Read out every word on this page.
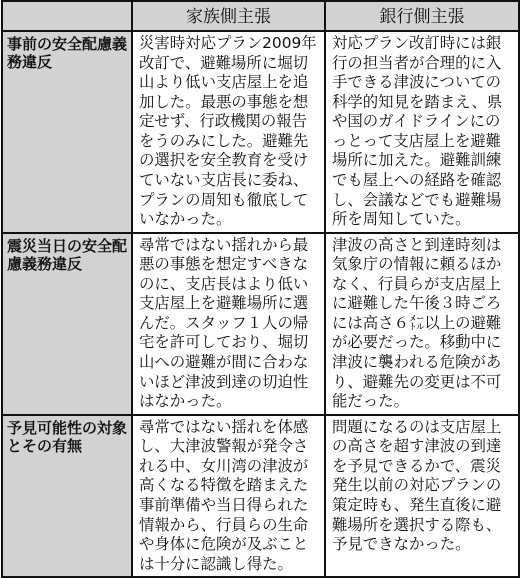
	家族側主張	銀行側主張
事前の安全配慮義務違反	災害時対応プラン2009年改訂で、避難場所に堀切山より低い支店屋上を追加した。最悪の事態を想定せず、行政機関の報告をうのみにした。避難先の選択を安全教育を受けていない支店長に委ね、プランの周知も徹底していなかった。	対応プラン改訂時には銀行の担当者が合理的に入手できる津波についての科学的知見を踏まえ、県や国のガイドラインにのっとって支店屋上を避難場所に加えた。避難訓練でも屋上への経路を確認し、会議などでも避難場所を周知していた。
震災当日の安全配慮義務違反	尋常ではない揺れから最悪の事態を想定すべきなのに、支店長はより低い支店屋上を避難場所に選んだ。スタッフ１人の帰宅を許可しており、堀切山への避難が間に合わないほど津波到達の切迫性はなかった。	津波の高さと到達時刻は気象庁の情報に頼るほかなく、行員らが支店屋上に避難した午後３時ごろには高さ６㍍以上の避難が必要だった。移動中に津波に襲われる危険があり、避難先の変更は不可能だった。
予見可能性の対象とその有無	尋常ではない揺れを体感し、大津波警報が発令される中、女川湾の津波が高くなる特徴を踏まえた事前準備や当日得られた情報から、行員らの生命や身体に危険が及ぶことは十分に認識し得た。	問題になるのは支店屋上の高さを超す津波の到達を予見できるかで、震災発生以前の対応プランの策定時も、発生直後に避難場所を選択する際も、予見できなかった。
